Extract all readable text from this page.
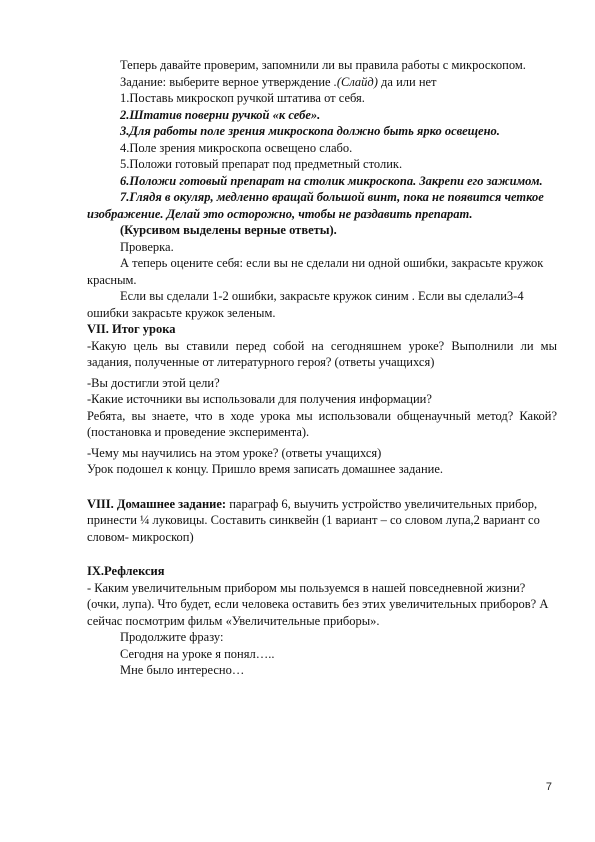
Теперь давайте проверим, запомнили ли вы правила работы с микроскопом.

Задание: выберите верное утверждение .(Слайд) да или нет

1.Поставь микроскоп ручкой штатива от себя.

2.Штатив поверни ручкой «к себе».

3.Для работы поле зрения микроскопа должно быть ярко освещено.

4.Поле зрения микроскопа освещено слабо.

5.Положи готовый препарат под предметный столик.

6.Положи готовый препарат на столик микроскопа. Закрепи его зажимом.

7.Глядя в окуляр, медленно вращай большой винт, пока не появится четкое изображение. Делай это осторожно, чтобы не раздавить препарат.

(Курсивом выделены верные ответы).

Проверка.

А теперь оцените себя: если вы не сделали ни одной ошибки, закрасьте кружок красным.

Если вы сделали 1-2 ошибки, закрасьте кружок синим . Если вы сделали3-4 ошибки закрасьте кружок зеленым.

VII. Итог урока

-Какую цель вы ставили перед собой на сегодняшнем уроке? Выполнили ли мы задания, полученные от литературного героя? (ответы учащихся)

-Вы достигли этой цели?

-Какие источники вы использовали для получения информации?

Ребята, вы знаете, что в ходе урока мы использовали общенаучный метод? Какой? (постановка и проведение эксперимента).

-Чему мы научились на этом уроке? (ответы учащихся)

Урок подошел к концу. Пришло время записать домашнее задание.

VIII. Домашнее задание: параграф 6, выучить устройство увеличительных прибор, принести ¼ луковицы. Составить синквейн (1 вариант – со словом лупа,2 вариант со словом- микроскоп)

IX.Рефлексия

- Каким увеличительным прибором мы пользуемся в нашей повседневной жизни? (очки, лупа). Что будет, если человека оставить без этих увеличительных приборов? А сейчас посмотрим фильм «Увеличительные приборы».

Продолжите фразу:

Сегодня на уроке я понял…..

Мне было интересно…

7
